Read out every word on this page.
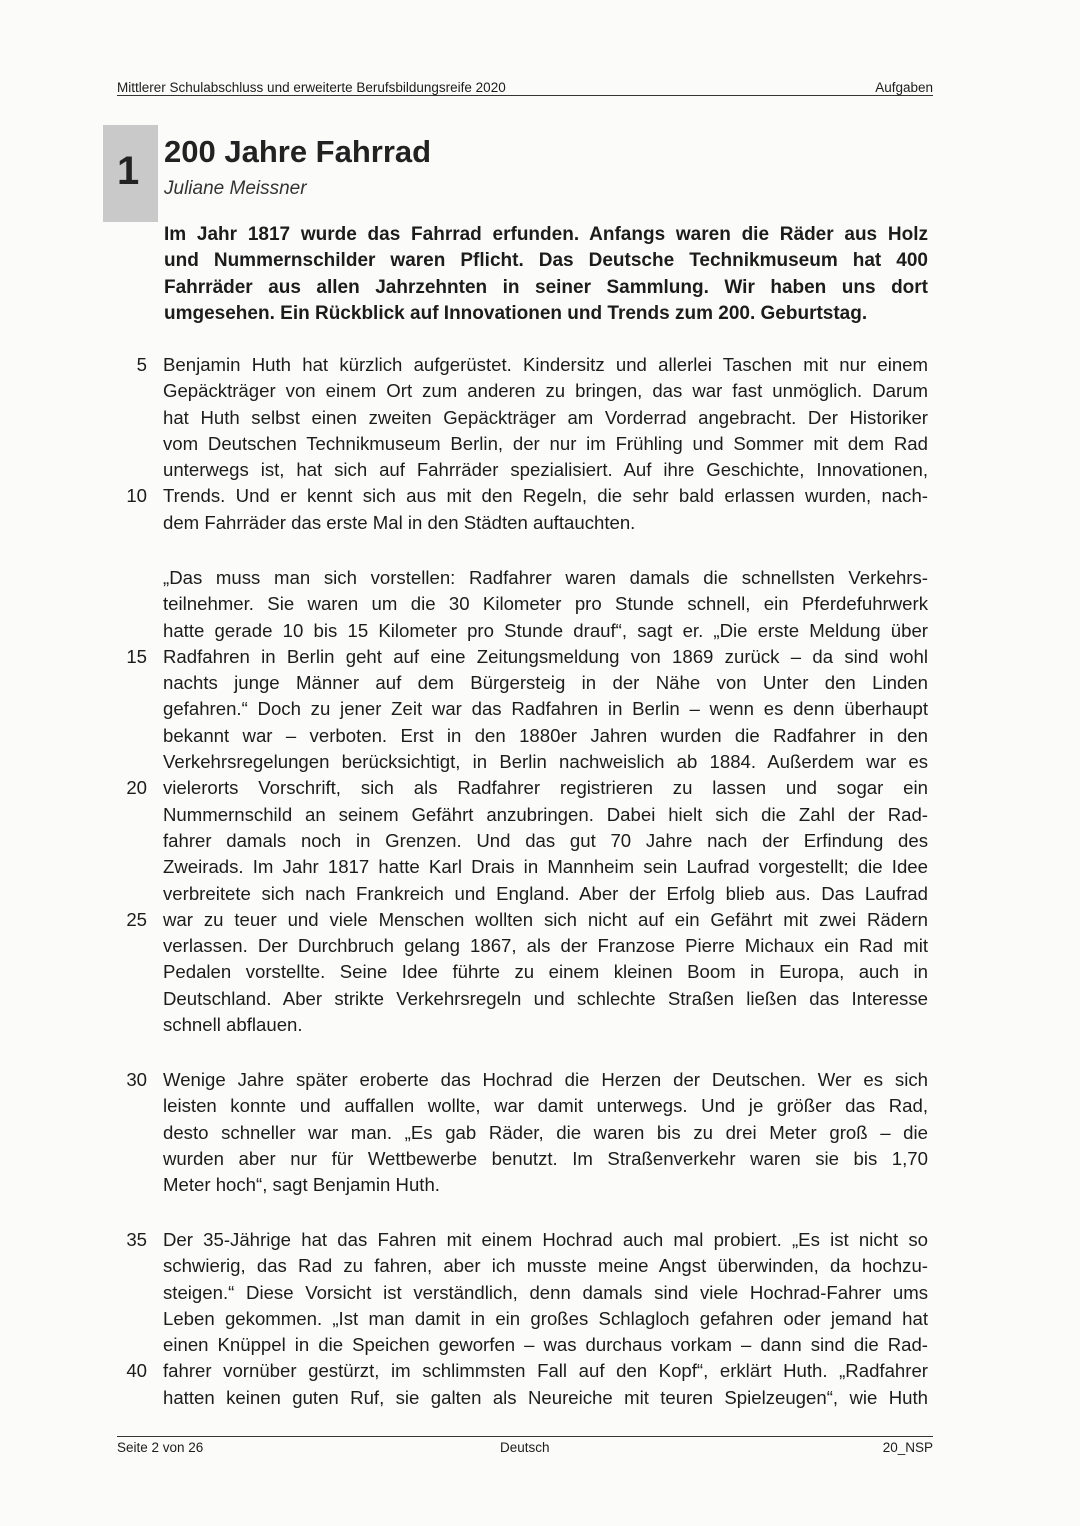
Mittlerer Schulabschluss und erweiterte Berufsbildungsreife 2020	Aufgaben
1 200 Jahre Fahrrad
Juliane Meissner
Im Jahr 1817 wurde das Fahrrad erfunden. Anfangs waren die Räder aus Holz
und Nummernschilder waren Pflicht. Das Deutsche Technikmuseum hat 400
Fahrräder aus allen Jahrzehnten in seiner Sammlung. Wir haben uns dort
umgesehen. Ein Rückblick auf Innovationen und Trends zum 200. Geburtstag.
5 Benjamin Huth hat kürzlich aufgerüstet. Kindersitz und allerlei Taschen mit nur einem
Gepäckträger von einem Ort zum anderen zu bringen, das war fast unmöglich. Darum
hat Huth selbst einen zweiten Gepäckträger am Vorderrad angebracht. Der Historiker
vom Deutschen Technikmuseum Berlin, der nur im Frühling und Sommer mit dem Rad
unterwegs ist, hat sich auf Fahrräder spezialisiert. Auf ihre Geschichte, Innovationen,
10 Trends. Und er kennt sich aus mit den Regeln, die sehr bald erlassen wurden, nach-
dem Fahrräder das erste Mal in den Städten auftauchten.
„Das muss man sich vorstellen: Radfahrer waren damals die schnellsten Verkehrs-
teilnehmer. Sie waren um die 30 Kilometer pro Stunde schnell, ein Pferdefuhrwerk
hatte gerade 10 bis 15 Kilometer pro Stunde drauf“, sagt er. „Die erste Meldung über
15 Radfahren in Berlin geht auf eine Zeitungsmeldung von 1869 zurück – da sind wohl
nachts junge Männer auf dem Bürgersteig in der Nähe von Unter den Linden
gefahren.“ Doch zu jener Zeit war das Radfahren in Berlin – wenn es denn überhaupt
bekannt war – verboten. Erst in den 1880er Jahren wurden die Radfahrer in den
Verkehrsregelungen berücksichtigt, in Berlin nachweislich ab 1884. Außerdem war es
20 vielerorts Vorschrift, sich als Radfahrer registrieren zu lassen und sogar ein
Nummernschild an seinem Gefährt anzubringen. Dabei hielt sich die Zahl der Rad-
fahrer damals noch in Grenzen. Und das gut 70 Jahre nach der Erfindung des
Zweirads. Im Jahr 1817 hatte Karl Drais in Mannheim sein Laufrad vorgestellt; die Idee
verbreitete sich nach Frankreich und England. Aber der Erfolg blieb aus. Das Laufrad
25 war zu teuer und viele Menschen wollten sich nicht auf ein Gefährt mit zwei Rädern
verlassen. Der Durchbruch gelang 1867, als der Franzose Pierre Michaux ein Rad mit
Pedalen vorstellte. Seine Idee führte zu einem kleinen Boom in Europa, auch in
Deutschland. Aber strikte Verkehrsregeln und schlechte Straßen ließen das Interesse
schnell abflauen.
30 Wenige Jahre später eroberte das Hochrad die Herzen der Deutschen. Wer es sich
leisten konnte und auffallen wollte, war damit unterwegs. Und je größer das Rad,
desto schneller war man. „Es gab Räder, die waren bis zu drei Meter groß – die
wurden aber nur für Wettbewerbe benutzt. Im Straßenverkehr waren sie bis 1,70
Meter hoch“, sagt Benjamin Huth.
35 Der 35-Jährige hat das Fahren mit einem Hochrad auch mal probiert. „Es ist nicht so
schwierig, das Rad zu fahren, aber ich musste meine Angst überwinden, da hochzu-
steigen.“ Diese Vorsicht ist verständlich, denn damals sind viele Hochrad-Fahrer ums
Leben gekommen. „Ist man damit in ein großes Schlagloch gefahren oder jemand hat
einen Knüppel in die Speichen geworfen – was durchaus vorkam – dann sind die Rad-
40 fahrer vornüber gestürzt, im schlimmsten Fall auf den Kopf“, erklärt Huth. „Radfahrer
hatten keinen guten Ruf, sie galten als Neureiche mit teuren Spielzeugen“, wie Huth
Seite 2 von 26	Deutsch	20_NSP
